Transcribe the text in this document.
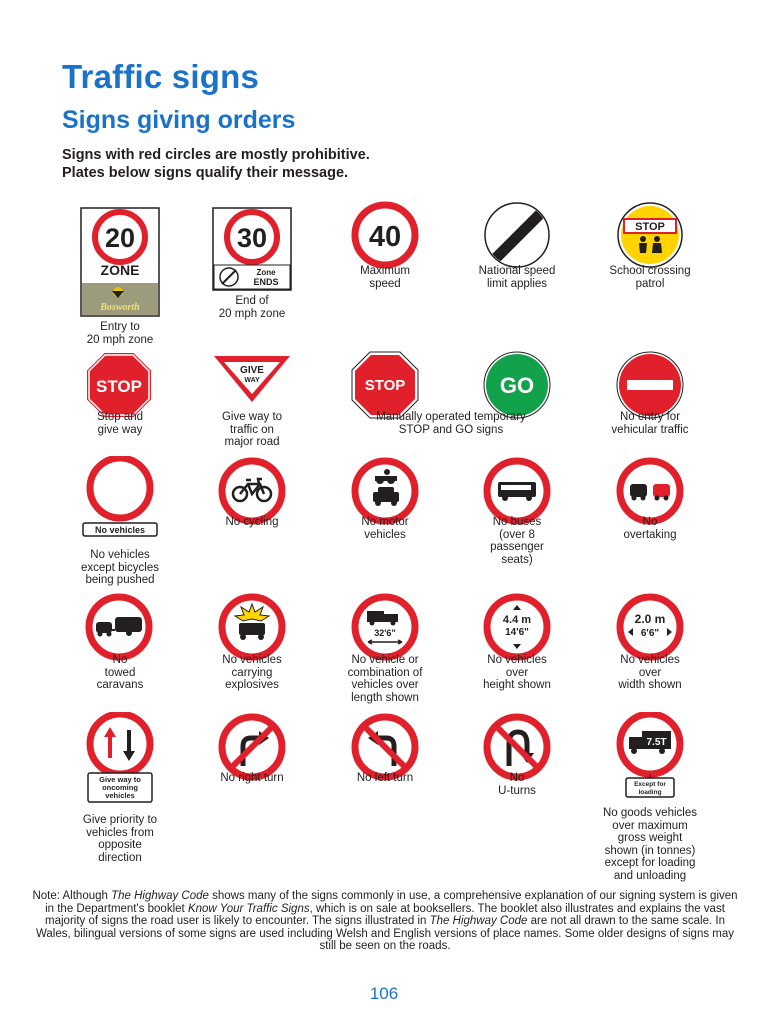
Traffic signs
Signs giving orders
Signs with red circles are mostly prohibitive.
Plates below signs qualify their message.
20
ZONE
Bosworth
Entry to
20 mph zone
30
Zone
ENDS
End of
20 mph zone
40
Maximum
speed
National speed
limit applies
STOP
School crossing
patrol
STOP
Stop and
give way
GIVE
WAY
Give way to
traffic on
major road
STOP	GO
Manually operated temporary
STOP and GO signs
No entry for
vehicular traffic
No vehicles
No vehicles
except bicycles
being pushed
No cycling	No motor
vehicles
No buses
(over 8
passenger
seats)
No
overtaking
No
towed
caravans
No vehicles
carrying
explosives
32'6"
No vehicle or
combination of
vehicles over
length shown
4.4 m
14'6"
No vehicles
over
height shown
2.0 m
6'6"
No vehicles
over
width shown
Give way to
oncoming
vehicles
Give priority to
vehicles from
opposite
direction
No right turn	No left turn	No
U-turns
7.5T
Except for
loading
No goods vehicles
over maximum
gross weight
shown (in tonnes)
except for loading
and unloading
Note: Although The Highway Code shows many of the signs commonly in use, a comprehensive explanation of our signing system is given in the Department's booklet Know Your Traffic Signs, which is on sale at booksellers. The booklet also illustrates and explains the vast majority of signs the road user is likely to encounter. The signs illustrated in The Highway Code are not all drawn to the same scale. In Wales, bilingual versions of some signs are used including Welsh and English versions of place names. Some older designs of signs may still be seen on the roads.
106
